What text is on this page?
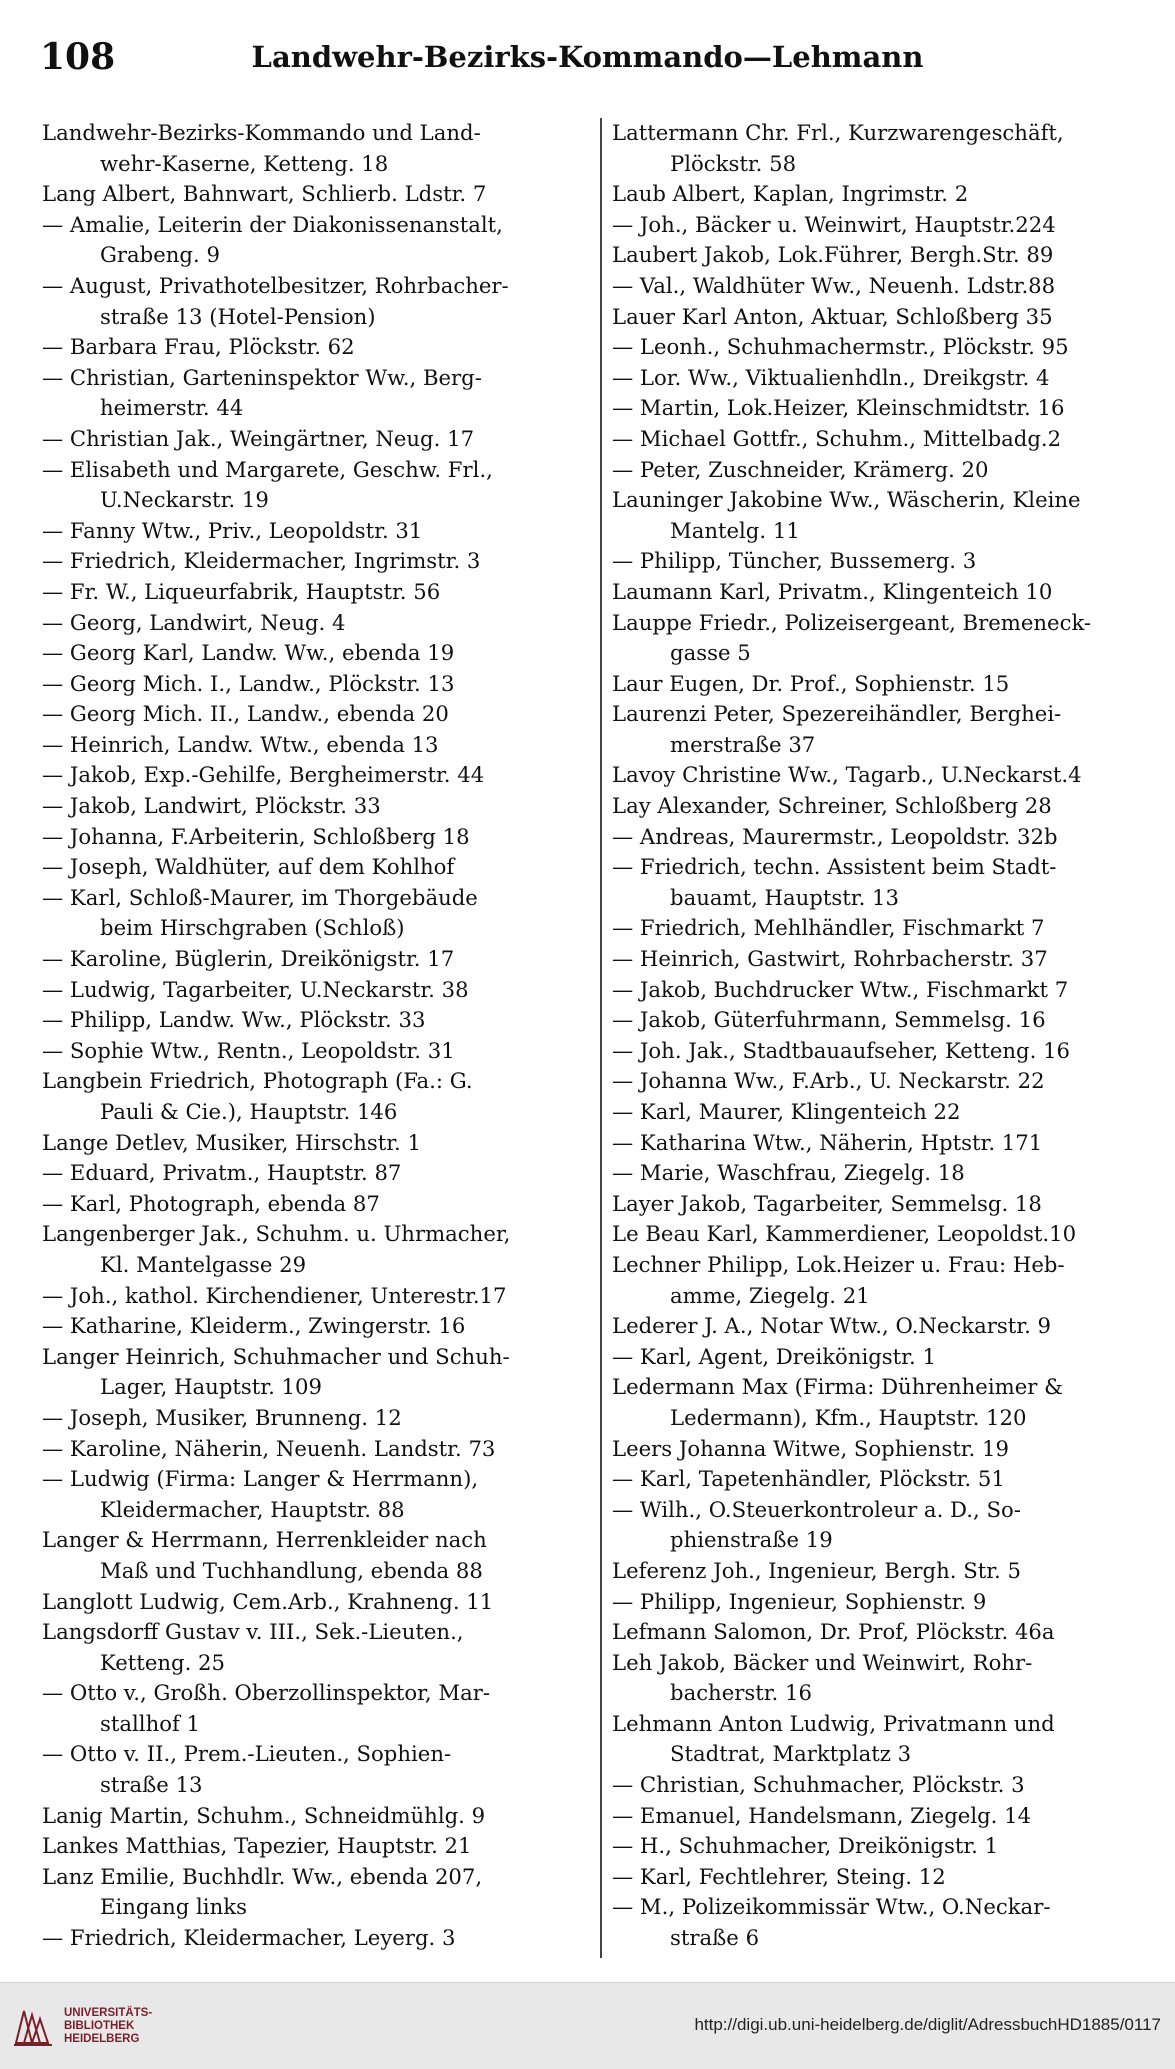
108	Landwehr-Bezirks-Kommando—Lehmann
Landwehr-Bezirks-Kommando und Land-
wehr-Kaserne, Ketteng. 18
Lang Albert, Bahnwart, Schlierb. Ldstr. 7
— Amalie, Leiterin der Diakonissenanstalt,
Grabeng. 9
— August, Privathotelbesitzer, Rohrbacher-
straße 13 (Hotel-Pension)
— Barbara Frau, Plöckstr. 62
— Christian, Garteninspektor Ww., Berg-
heimerstr. 44
— Christian Jak., Weingärtner, Neug. 17
— Elisabeth und Margarete, Geschw. Frl.,
U.Neckarstr. 19
— Fanny Wtw., Priv., Leopoldstr. 31
— Friedrich, Kleidermacher, Ingrimstr. 3
— Fr. W., Liqueurfabrik, Hauptstr. 56
— Georg, Landwirt, Neug. 4
— Georg Karl, Landw. Ww., ebenda 19
— Georg Mich. I., Landw., Plöckstr. 13
— Georg Mich. II., Landw., ebenda 20
— Heinrich, Landw. Wtw., ebenda 13
— Jakob, Exp.-Gehilfe, Bergheimerstr. 44
— Jakob, Landwirt, Plöckstr. 33
— Johanna, F.Arbeiterin, Schloßberg 18
— Joseph, Waldhüter, auf dem Kohlhof
— Karl, Schloß-Maurer, im Thorgebäude
beim Hirschgraben (Schloß)
— Karoline, Büglerin, Dreikönigstr. 17
— Ludwig, Tagarbeiter, U.Neckarstr. 38
— Philipp, Landw. Ww., Plöckstr. 33
— Sophie Wtw., Rentn., Leopoldstr. 31
Langbein Friedrich, Photograph (Fa.: G.
Pauli & Cie.), Hauptstr. 146
Lange Detlev, Musiker, Hirschstr. 1
— Eduard, Privatm., Hauptstr. 87
— Karl, Photograph, ebenda 87
Langenberger Jak., Schuhm. u. Uhrmacher,
Kl. Mantelgasse 29
— Joh., kathol. Kirchendiener, Unterestr.17
— Katharine, Kleiderm., Zwingerstr. 16
Langer Heinrich, Schuhmacher und Schuh-
Lager, Hauptstr. 109
— Joseph, Musiker, Brunneng. 12
— Karoline, Näherin, Neuenh. Landstr. 73
— Ludwig (Firma: Langer & Herrmann),
Kleidermacher, Hauptstr. 88
Langer & Herrmann, Herrenkleider nach
Maß und Tuchhandlung, ebenda 88
Langlott Ludwig, Cem.Arb., Krahneng. 11
Langsdorff Gustav v. III., Sek.-Lieuten.,
Ketteng. 25
— Otto v., Großh. Oberzollinspektor, Mar-
stallhof 1
— Otto v. II., Prem.-Lieuten., Sophien-
straße 13
Lanig Martin, Schuhm., Schneidmühlg. 9
Lankes Matthias, Tapezier, Hauptstr. 21
Lanz Emilie, Buchhdlr. Ww., ebenda 207,
Eingang links
— Friedrich, Kleidermacher, Leyerg. 3
Lattermann Chr. Frl., Kurzwarengeschäft,
Plöckstr. 58
Laub Albert, Kaplan, Ingrimstr. 2
— Joh., Bäcker u. Weinwirt, Hauptstr.224
Laubert Jakob, Lok.Führer, Bergh.Str. 89
— Val., Waldhüter Ww., Neuenh. Ldstr.88
Lauer Karl Anton, Aktuar, Schloßberg 35
— Leonh., Schuhmachermstr., Plöckstr. 95
— Lor. Ww., Viktualienhdln., Dreikgstr. 4
— Martin, Lok.Heizer, Kleinschmidtstr. 16
— Michael Gottfr., Schuhm., Mittelbadg.2
— Peter, Zuschneider, Krämerg. 20
Launinger Jakobine Ww., Wäscherin, Kleine
Mantelg. 11
— Philipp, Tüncher, Bussemerg. 3
Laumann Karl, Privatm., Klingenteich 10
Lauppe Friedr., Polizeisergeant, Bremeneck-
gasse 5
Laur Eugen, Dr. Prof., Sophienstr. 15
Laurenzi Peter, Spezereihändler, Berghei-
merstraße 37
Lavoy Christine Ww., Tagarb., U.Neckarst.4
Lay Alexander, Schreiner, Schloßberg 28
— Andreas, Maurermstr., Leopoldstr. 32b
— Friedrich, techn. Assistent beim Stadt-
bauamt, Hauptstr. 13
— Friedrich, Mehlhändler, Fischmarkt 7
— Heinrich, Gastwirt, Rohrbacherstr. 37
— Jakob, Buchdrucker Wtw., Fischmarkt 7
— Jakob, Güterfuhrmann, Semmelsg. 16
— Joh. Jak., Stadtbauaufseher, Ketteng. 16
— Johanna Ww., F.Arb., U. Neckarstr. 22
— Karl, Maurer, Klingenteich 22
— Katharina Wtw., Näherin, Hptstr. 171
— Marie, Waschfrau, Ziegelg. 18
Layer Jakob, Tagarbeiter, Semmelsg. 18
Le Beau Karl, Kammerdiener, Leopoldst.10
Lechner Philipp, Lok.Heizer u. Frau: Heb-
amme, Ziegelg. 21
Lederer J. A., Notar Wtw., O.Neckarstr. 9
— Karl, Agent, Dreikönigstr. 1
Ledermann Max (Firma: Dührenheimer &
Ledermann), Kfm., Hauptstr. 120
Leers Johanna Witwe, Sophienstr. 19
— Karl, Tapetenhändler, Plöckstr. 51
— Wilh., O.Steuerkontroleur a. D., So-
phienstraße 19
Leferenz Joh., Ingenieur, Bergh. Str. 5
— Philipp, Ingenieur, Sophienstr. 9
Lefmann Salomon, Dr. Prof, Plöckstr. 46a
Leh Jakob, Bäcker und Weinwirt, Rohr-
bacherstr. 16
Lehmann Anton Ludwig, Privatmann und
Stadtrat, Marktplatz 3
— Christian, Schuhmacher, Plöckstr. 3
— Emanuel, Handelsmann, Ziegelg. 14
— H., Schuhmacher, Dreikönigstr. 1
— Karl, Fechtlehrer, Steing. 12
— M., Polizeikommissär Wtw., O.Neckar-
straße 6
UNIVERSITÄTS-
BIBLIOTHEK
HEIDELBERG
http://digi.ub.uni-heidelberg.de/diglit/AdressbuchHD1885/0117
